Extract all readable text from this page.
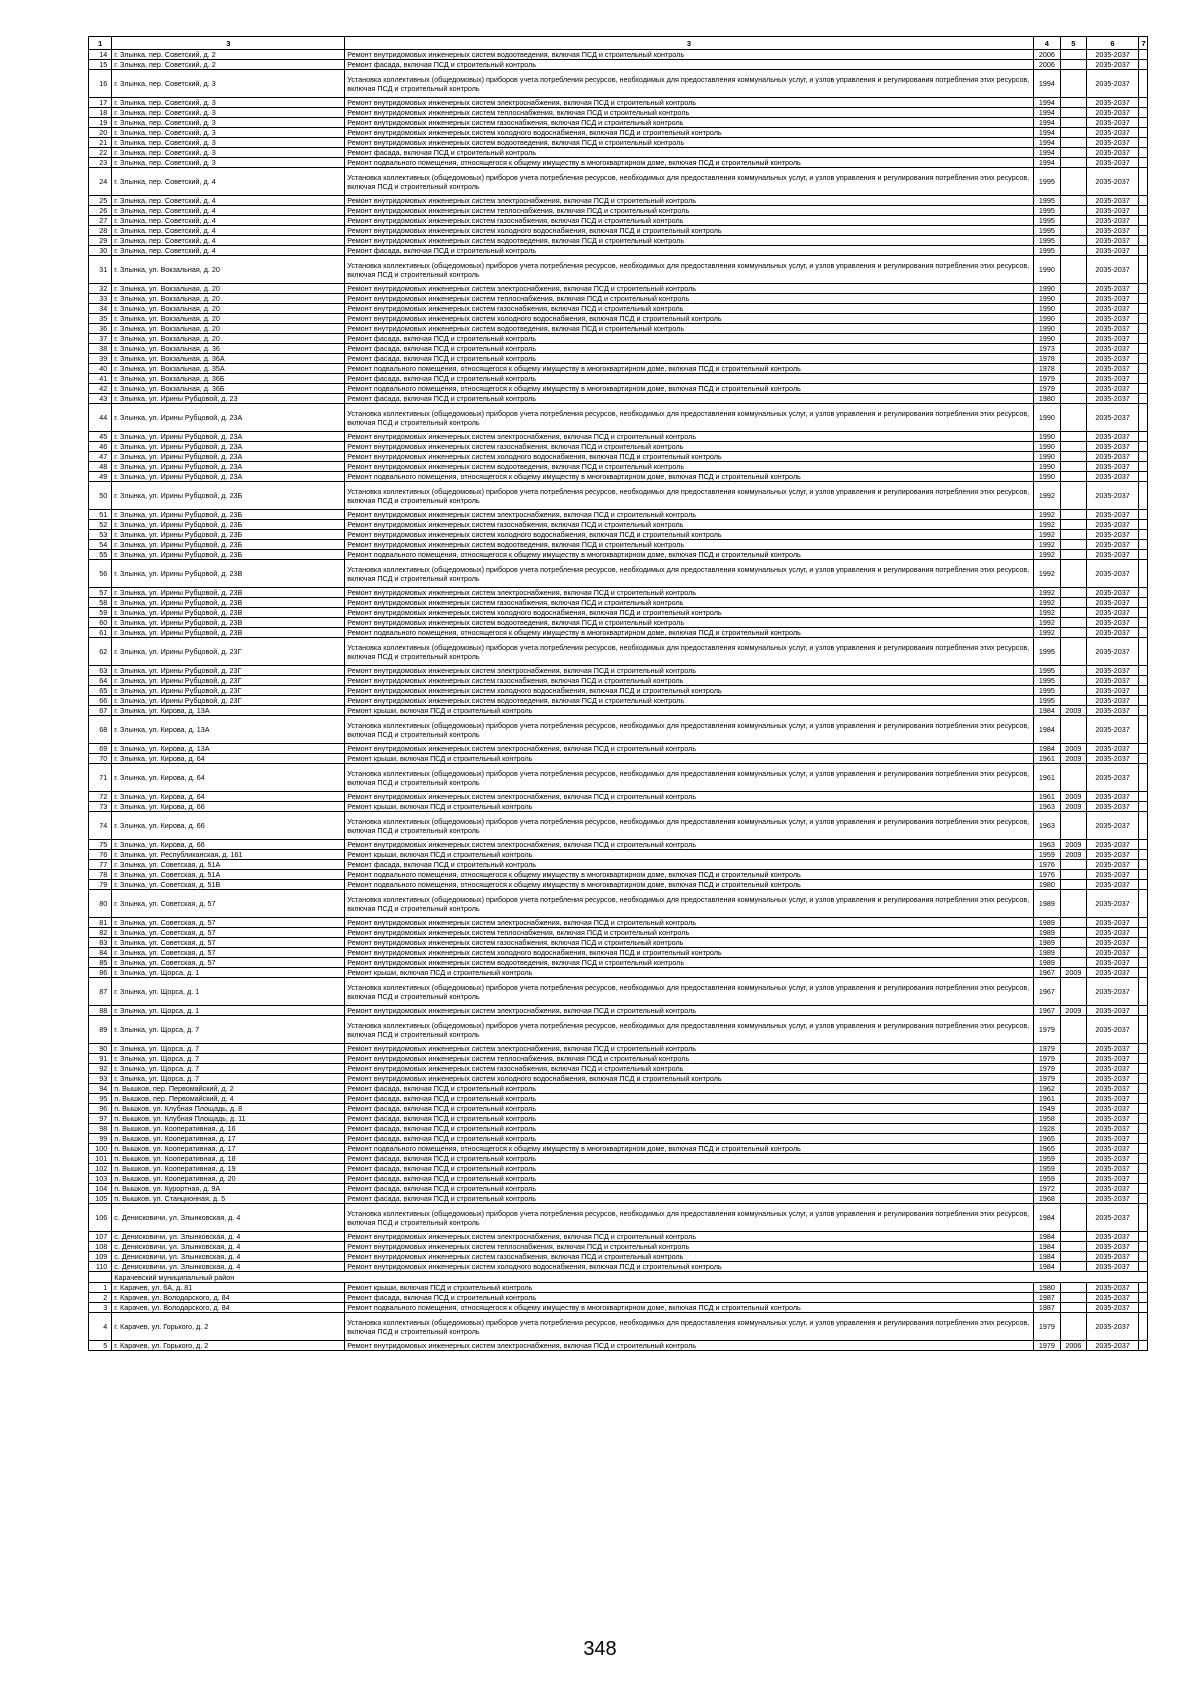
1	3	3	4	5	6	7
14	г. Злынка, пер. Советский, д. 2	Ремонт внутридомовых инженерных систем водоотведения, включая ПСД и строительный контроль	2006		2035-2037	
15	г. Злынка, пер. Советский, д. 2	Ремонт фасада, включая ПСД и строительный контроль	2006		2035-2037	
16	г. Злынка, пер. Советский, д. 3	Установка коллективных (общедомовых) приборов учета потребления ресурсов, необходимых для предоставления коммунальных услуг, и узлов управления и регулирования потребления этих ресурсов, включая ПСД и строительный контроль	1994		2035-2037	
17	г. Злынка, пер. Советский, д. 3	Ремонт внутридомовых инженерных систем электроснабжения, включая ПСД и строительный контроль	1994		2035-2037	
18	г. Злынка, пер. Советский, д. 3	Ремонт внутридомовых инженерных систем теплоснабжения, включая ПСД и строительный контроль	1994		2035-2037	
19	г. Злынка, пер. Советский, д. 3	Ремонт внутридомовых инженерных систем газоснабжения, включая ПСД и строительный контроль	1994		2035-2037	
20	г. Злынка, пер. Советский, д. 3	Ремонт внутридомовых инженерных систем холодного водоснабжения, включая ПСД и строительный контроль	1994		2035-2037	
21	г. Злынка, пер. Советский, д. 3	Ремонт внутридомовых инженерных систем водоотведения, включая ПСД и строительный контроль	1994		2035-2037	
22	г. Злынка, пер. Советский, д. 3	Ремонт фасада, включая ПСД и строительный контроль	1994		2035-2037	
23	г. Злынка, пер. Советский, д. 3	Ремонт подвального помещения, относящегося к общему имуществу в многоквартирном доме, включая ПСД и строительный контроль	1994		2035-2037	
24	г. Злынка, пер. Советский, д. 4	Установка коллективных (общедомовых) приборов учета потребления ресурсов, необходимых для предоставления коммунальных услуг, и узлов управления и регулирования потребления этих ресурсов, включая ПСД и строительный контроль	1995		2035-2037	
25	г. Злынка, пер. Советский, д. 4	Ремонт внутридомовых инженерных систем электроснабжения, включая ПСД и строительный контроль	1995		2035-2037	
26	г. Злынка, пер. Советский, д. 4	Ремонт внутридомовых инженерных систем теплоснабжения, включая ПСД и строительный контроль	1995		2035-2037	
27	г. Злынка, пер. Советский, д. 4	Ремонт внутридомовых инженерных систем газоснабжения, включая ПСД и строительный контроль	1995		2035-2037	
28	г. Злынка, пер. Советский, д. 4	Ремонт внутридомовых инженерных систем холодного водоснабжения, включая ПСД и строительный контроль	1995		2035-2037	
29	г. Злынка, пер. Советский, д. 4	Ремонт внутридомовых инженерных систем водоотведения, включая ПСД и строительный контроль	1995		2035-2037	
30	г. Злынка, пер. Советский, д. 4	Ремонт фасада, включая ПСД и строительный контроль	1995		2035-2037	
31	г. Злынка, ул. Вокзальная, д. 20	Установка коллективных (общедомовых) приборов учета потребления ресурсов, необходимых для предоставления коммунальных услуг, и узлов управления и регулирования потребления этих ресурсов, включая ПСД и строительный контроль	1990		2035-2037	
32	г. Злынка, ул. Вокзальная, д. 20	Ремонт внутридомовых инженерных систем электроснабжения, включая ПСД и строительный контроль	1990		2035-2037	
33	г. Злынка, ул. Вокзальная, д. 20	Ремонт внутридомовых инженерных систем теплоснабжения, включая ПСД и строительный контроль	1990		2035-2037	
34	г. Злынка, ул. Вокзальная, д. 20	Ремонт внутридомовых инженерных систем газоснабжения, включая ПСД и строительный контроль	1990		2035-2037	
35	г. Злынка, ул. Вокзальная, д. 20	Ремонт внутридомовых инженерных систем холодного водоснабжения, включая ПСД и строительный контроль	1990		2035-2037	
36	г. Злынка, ул. Вокзальная, д. 20	Ремонт внутридомовых инженерных систем водоотведения, включая ПСД и строительный контроль	1990		2035-2037	
37	г. Злынка, ул. Вокзальная, д. 20	Ремонт фасада, включая ПСД и строительный контроль	1990		2035-2037	
38	г. Злынка, ул. Вокзальная, д. 36	Ремонт фасада, включая ПСД и строительный контроль	1973		2035-2037	
39	г. Злынка, ул. Вокзальная, д. 36А	Ремонт фасада, включая ПСД и строительный контроль	1978		2035-2037	
40	г. Злынка, ул. Вокзальная, д. 35А	Ремонт подвального помещения, относящегося к общему имуществу в многоквартирном доме, включая ПСД и строительный контроль	1978		2035-2037	
41	г. Злынка, ул. Вокзальная, д. 36Б	Ремонт фасада, включая ПСД и строительный контроль	1979		2035-2037	
42	г. Злынка, ул. Вокзальная, д. 36Б	Ремонт подвального помещения, относящегося к общему имуществу в многоквартирном доме, включая ПСД и строительный контроль	1979		2035-2037	
43	г. Злынка, ул. Ирины Рубцовой, д. 23	Ремонт фасада, включая ПСД и строительный контроль	1980		2035-2037	
44	г. Злынка, ул. Ирины Рубцовой, д. 23А	Установка коллективных (общедомовых) приборов учета потребления ресурсов, необходимых для предоставления коммунальных услуг, и узлов управления и регулирования потребления этих ресурсов, включая ПСД и строительный контроль	1990		2035-2037	
45	г. Злынка, ул. Ирины Рубцовой, д. 23А	Ремонт внутридомовых инженерных систем электроснабжения, включая ПСД и строительный контроль	1990		2035-2037	
46	г. Злынка, ул. Ирины Рубцовой, д. 23А	Ремонт внутридомовых инженерных систем газоснабжения, включая ПСД и строительный контроль	1990		2035-2037	
47	г. Злынка, ул. Ирины Рубцовой, д. 23А	Ремонт внутридомовых инженерных систем холодного водоснабжения, включая ПСД и строительный контроль	1990		2035-2037	
48	г. Злынка, ул. Ирины Рубцовой, д. 23А	Ремонт внутридомовых инженерных систем водоотведения, включая ПСД и строительный контроль	1990		2035-2037	
49	г. Злынка, ул. Ирины Рубцовой, д. 23А	Ремонт подвального помещения, относящегося к общему имуществу в многоквартирном доме, включая ПСД и строительный контроль	1990		2035-2037	
50	г. Злынка, ул. Ирины Рубцовой, д. 23Б	Установка коллективных (общедомовых) приборов учета потребления ресурсов, необходимых для предоставления коммунальных услуг, и узлов управления и регулирования потребления этих ресурсов, включая ПСД и строительный контроль	1992		2035-2037	
51	г. Злынка, ул. Ирины Рубцовой, д. 23Б	Ремонт внутридомовых инженерных систем электроснабжения, включая ПСД и строительный контроль	1992		2035-2037	
52	г. Злынка, ул. Ирины Рубцовой, д. 23Б	Ремонт внутридомовых инженерных систем газоснабжения, включая ПСД и строительный контроль	1992		2035-2037	
53	г. Злынка, ул. Ирины Рубцовой, д. 23Б	Ремонт внутридомовых инженерных систем холодного водоснабжения, включая ПСД и строительный контроль	1992		2035-2037	
54	г. Злынка, ул. Ирины Рубцовой, д. 23Б	Ремонт внутридомовых инженерных систем водоотведения, включая ПСД и строительный контроль	1992		2035-2037	
55	г. Злынка, ул. Ирины Рубцовой, д. 23Б	Ремонт подвального помещения, относящегося к общему имуществу в многоквартирном доме, включая ПСД и строительный контроль	1992		2035-2037	
56	г. Злынка, ул. Ирины Рубцовой, д. 23В	Установка коллективных (общедомовых) приборов учета потребления ресурсов, необходимых для предоставления коммунальных услуг, и узлов управления и регулирования потребления этих ресурсов, включая ПСД и строительный контроль	1992		2035-2037	
57	г. Злынка, ул. Ирины Рубцовой, д. 23В	Ремонт внутридомовых инженерных систем электроснабжения, включая ПСД и строительный контроль	1992		2035-2037	
58	г. Злынка, ул. Ирины Рубцовой, д. 23В	Ремонт внутридомовых инженерных систем газоснабжения, включая ПСД и строительный контроль	1992		2035-2037	
59	г. Злынка, ул. Ирины Рубцовой, д. 23В	Ремонт внутридомовых инженерных систем холодного водоснабжения, включая ПСД и строительный контроль	1992		2035-2037	
60	г. Злынка, ул. Ирины Рубцовой, д. 23В	Ремонт внутридомовых инженерных систем водоотведения, включая ПСД и строительный контроль	1992		2035-2037	
61	г. Злынка, ул. Ирины Рубцовой, д. 23В	Ремонт подвального помещения, относящегося к общему имуществу в многоквартирном доме, включая ПСД и строительный контроль	1992		2035-2037	
62	г. Злынка, ул. Ирины Рубцовой, д. 23Г	Установка коллективных (общедомовых) приборов учета потребления ресурсов, необходимых для предоставления коммунальных услуг, и узлов управления и регулирования потребления этих ресурсов, включая ПСД и строительный контроль	1995		2035-2037	
63	г. Злынка, ул. Ирины Рубцовой, д. 23Г	Ремонт внутридомовых инженерных систем электроснабжения, включая ПСД и строительный контроль	1995		2035-2037	
64	г. Злынка, ул. Ирины Рубцовой, д. 23Г	Ремонт внутридомовых инженерных систем газоснабжения, включая ПСД и строительный контроль	1995		2035-2037	
65	г. Злынка, ул. Ирины Рубцовой, д. 23Г	Ремонт внутридомовых инженерных систем холодного водоснабжения, включая ПСД и строительный контроль	1995		2035-2037	
66	г. Злынка, ул. Ирины Рубцовой, д. 23Г	Ремонт внутридомовых инженерных систем водоотведения, включая ПСД и строительный контроль	1995		2035-2037	
67	г. Злынка, ул. Кирова, д. 13А	Ремонт крыши, включая ПСД и строительный контроль	1984	2009	2035-2037	
68	г. Злынка, ул. Кирова, д. 13А	Установка коллективных (общедомовых) приборов учета потребления ресурсов, необходимых для предоставления коммунальных услуг, и узлов управления и регулирования потребления этих ресурсов, включая ПСД и строительный контроль	1984		2035-2037	
69	г. Злынка, ул. Кирова, д. 13А	Ремонт внутридомовых инженерных систем электроснабжения, включая ПСД и строительный контроль	1984	2009	2035-2037	
70	г. Злынка, ул. Кирова, д. 64	Ремонт крыши, включая ПСД и строительный контроль	1961	2009	2035-2037	
71	г. Злынка, ул. Кирова, д. 64	Установка коллективных (общедомовых) приборов учета потребления ресурсов, необходимых для предоставления коммунальных услуг, и узлов управления и регулирования потребления этих ресурсов, включая ПСД и строительный контроль	1961		2035-2037	
72	г. Злынка, ул. Кирова, д. 64	Ремонт внутридомовых инженерных систем электроснабжения, включая ПСД и строительный контроль	1961	2009	2035-2037	
73	г. Злынка, ул. Кирова, д. 66	Ремонт крыши, включая ПСД и строительный контроль	1963	2009	2035-2037	
74	г. Злынка, ул. Кирова, д. 66	Установка коллективных (общедомовых) приборов учета потребления ресурсов, необходимых для предоставления коммунальных услуг, и узлов управления и регулирования потребления этих ресурсов, включая ПСД и строительный контроль	1963		2035-2037	
75	г. Злынка, ул. Кирова, д. 66	Ремонт внутридомовых инженерных систем электроснабжения, включая ПСД и строительный контроль	1963	2009	2035-2037	
76	г. Злынка, ул. Республиканская, д. 161	Ремонт крыши, включая ПСД и строительный контроль	1959	2009	2035-2037	
77	г. Злынка, ул. Советская, д. 51А	Ремонт фасада, включая ПСД и строительный контроль	1976		2035-2037	
78	г. Злынка, ул. Советская, д. 51А	Ремонт подвального помещения, относящегося к общему имуществу в многоквартирном доме, включая ПСД и строительный контроль	1976		2035-2037	
79	г. Злынка, ул. Советская, д. 51В	Ремонт подвального помещения, относящегося к общему имуществу в многоквартирном доме, включая ПСД и строительный контроль	1980		2035-2037	
80	г. Злынка, ул. Советская, д. 57	Установка коллективных (общедомовых) приборов учета потребления ресурсов, необходимых для предоставления коммунальных услуг, и узлов управления и регулирования потребления этих ресурсов, включая ПСД и строительный контроль	1989		2035-2037	
81	г. Злынка, ул. Советская, д. 57	Ремонт внутридомовых инженерных систем электроснабжения, включая ПСД и строительный контроль	1989		2035-2037	
82	г. Злынка, ул. Советская, д. 57	Ремонт внутридомовых инженерных систем теплоснабжения, включая ПСД и строительный контроль	1989		2035-2037	
83	г. Злынка, ул. Советская, д. 57	Ремонт внутридомовых инженерных систем газоснабжения, включая ПСД и строительный контроль	1989		2035-2037	
84	г. Злынка, ул. Советская, д. 57	Ремонт внутридомовых инженерных систем холодного водоснабжения, включая ПСД и строительный контроль	1989		2035-2037	
85	г. Злынка, ул. Советская, д. 57	Ремонт внутридомовых инженерных систем водоотведения, включая ПСД и строительный контроль	1989		2035-2037	
86	г. Злынка, ул. Щорса, д. 1	Ремонт крыши, включая ПСД и строительный контроль	1967	2009	2035-2037	
87	г. Злынка, ул. Щорса, д. 1	Установка коллективных (общедомовых) приборов учета потребления ресурсов, необходимых для предоставления коммунальных услуг, и узлов управления и регулирования потребления этих ресурсов, включая ПСД и строительный контроль	1967		2035-2037	
88	г. Злынка, ул. Щорса, д. 1	Ремонт внутридомовых инженерных систем электроснабжения, включая ПСД и строительный контроль	1967	2009	2035-2037	
89	г. Злынка, ул. Щорса, д. 7	Установка коллективных (общедомовых) приборов учета потребления ресурсов, необходимых для предоставления коммунальных услуг, и узлов управления и регулирования потребления этих ресурсов, включая ПСД и строительный контроль	1979		2035-2037	
90	г. Злынка, ул. Щорса, д. 7	Ремонт внутридомовых инженерных систем электроснабжения, включая ПСД и строительный контроль	1979		2035-2037	
91	г. Злынка, ул. Щорса, д. 7	Ремонт внутридомовых инженерных систем теплоснабжения, включая ПСД и строительный контроль	1979		2035-2037	
92	г. Злынка, ул. Щорса, д. 7	Ремонт внутридомовых инженерных систем газоснабжения, включая ПСД и строительный контроль	1979		2035-2037	
93	г. Злынка, ул. Щорса, д. 7	Ремонт внутридомовых инженерных систем холодного водоснабжения, включая ПСД и строительный контроль	1979		2035-2037	
94	п. Вышков, пер. Первомайский, д. 2	Ремонт фасада, включая ПСД и строительный контроль	1962		2035-2037	
95	п. Вышков, пер. Первомайский, д. 4	Ремонт фасада, включая ПСД и строительный контроль	1961		2035-2037	
96	п. Вышков, ул. Клубная Площадь, д. 8	Ремонт фасада, включая ПСД и строительный контроль	1949		2035-2037	
97	п. Вышков, ул. Клубная Площадь, д. 11	Ремонт фасада, включая ПСД и строительный контроль	1958		2035-2037	
98	п. Вышков, ул. Кооперативная, д. 16	Ремонт фасада, включая ПСД и строительный контроль	1928		2035-2037	
99	п. Вышков, ул. Кооперативная, д. 17	Ремонт фасада, включая ПСД и строительный контроль	1965		2035-2037	
100	п. Вышков, ул. Кооперативная, д. 17	Ремонт подвального помещения, относящегося к общему имуществу в многоквартирном доме, включая ПСД и строительный контроль	1965		2035-2037	
101	п. Вышков, ул. Кооперативная, д. 18	Ремонт фасада, включая ПСД и строительный контроль	1959		2035-2037	
102	п. Вышков, ул. Кооперативная, д. 19	Ремонт фасада, включая ПСД и строительный контроль	1959		2035-2037	
103	п. Вышков, ул. Кооперативная, д. 20	Ремонт фасада, включая ПСД и строительный контроль	1959		2035-2037	
104	п. Вышков, ул. Курортная, д. 9А	Ремонт фасада, включая ПСД и строительный контроль	1972		2035-2037	
105	п. Вышков, ул. Станционная, д. 5	Ремонт фасада, включая ПСД и строительный контроль	1968		2035-2037	
106	с. Денисковичи, ул. Злынковская, д. 4	Установка коллективных (общедомовых) приборов учета потребления ресурсов, необходимых для предоставления коммунальных услуг, и узлов управления и регулирования потребления этих ресурсов, включая ПСД и строительный контроль	1984		2035-2037	
107	с. Денисковичи, ул. Злынковская, д. 4	Ремонт внутридомовых инженерных систем электроснабжения, включая ПСД и строительный контроль	1984		2035-2037	
108	с. Денисковичи, ул. Злынковская, д. 4	Ремонт внутридомовых инженерных систем теплоснабжения, включая ПСД и строительный контроль	1984		2035-2037	
109	с. Денисковичи, ул. Злынковская, д. 4	Ремонт внутридомовых инженерных систем газоснабжения, включая ПСД и строительный контроль	1984		2035-2037	
110	с. Денисковичи, ул. Злынковская, д. 4	Ремонт внутридомовых инженерных систем холодного водоснабжения, включая ПСД и строительный контроль	1984		2035-2037	
	Карачевский муниципальный район					
1	г. Карачев, ул. 6А, д. 81	Ремонт крыши, включая ПСД и строительный контроль	1980		2035-2037	
2	г. Карачев, ул. Володарского, д. 84	Ремонт фасада, включая ПСД и строительный контроль	1987		2035-2037	
3	г. Карачев, ул. Володарского, д. 84	Ремонт подвального помещения, относящегося к общему имуществу в многоквартирном доме, включая ПСД и строительный контроль	1987		2035-2037	
4	г. Карачев, ул. Горького, д. 2	Установка коллективных (общедомовых) приборов учета потребления ресурсов, необходимых для предоставления коммунальных услуг, и узлов управления и регулирования потребления этих ресурсов, включая ПСД и строительный контроль	1979		2035-2037	
5	г. Карачев, ул. Горького, д. 2	Ремонт внутридомовых инженерных систем электроснабжения, включая ПСД и строительный контроль	1979	2006	2035-2037	
348
